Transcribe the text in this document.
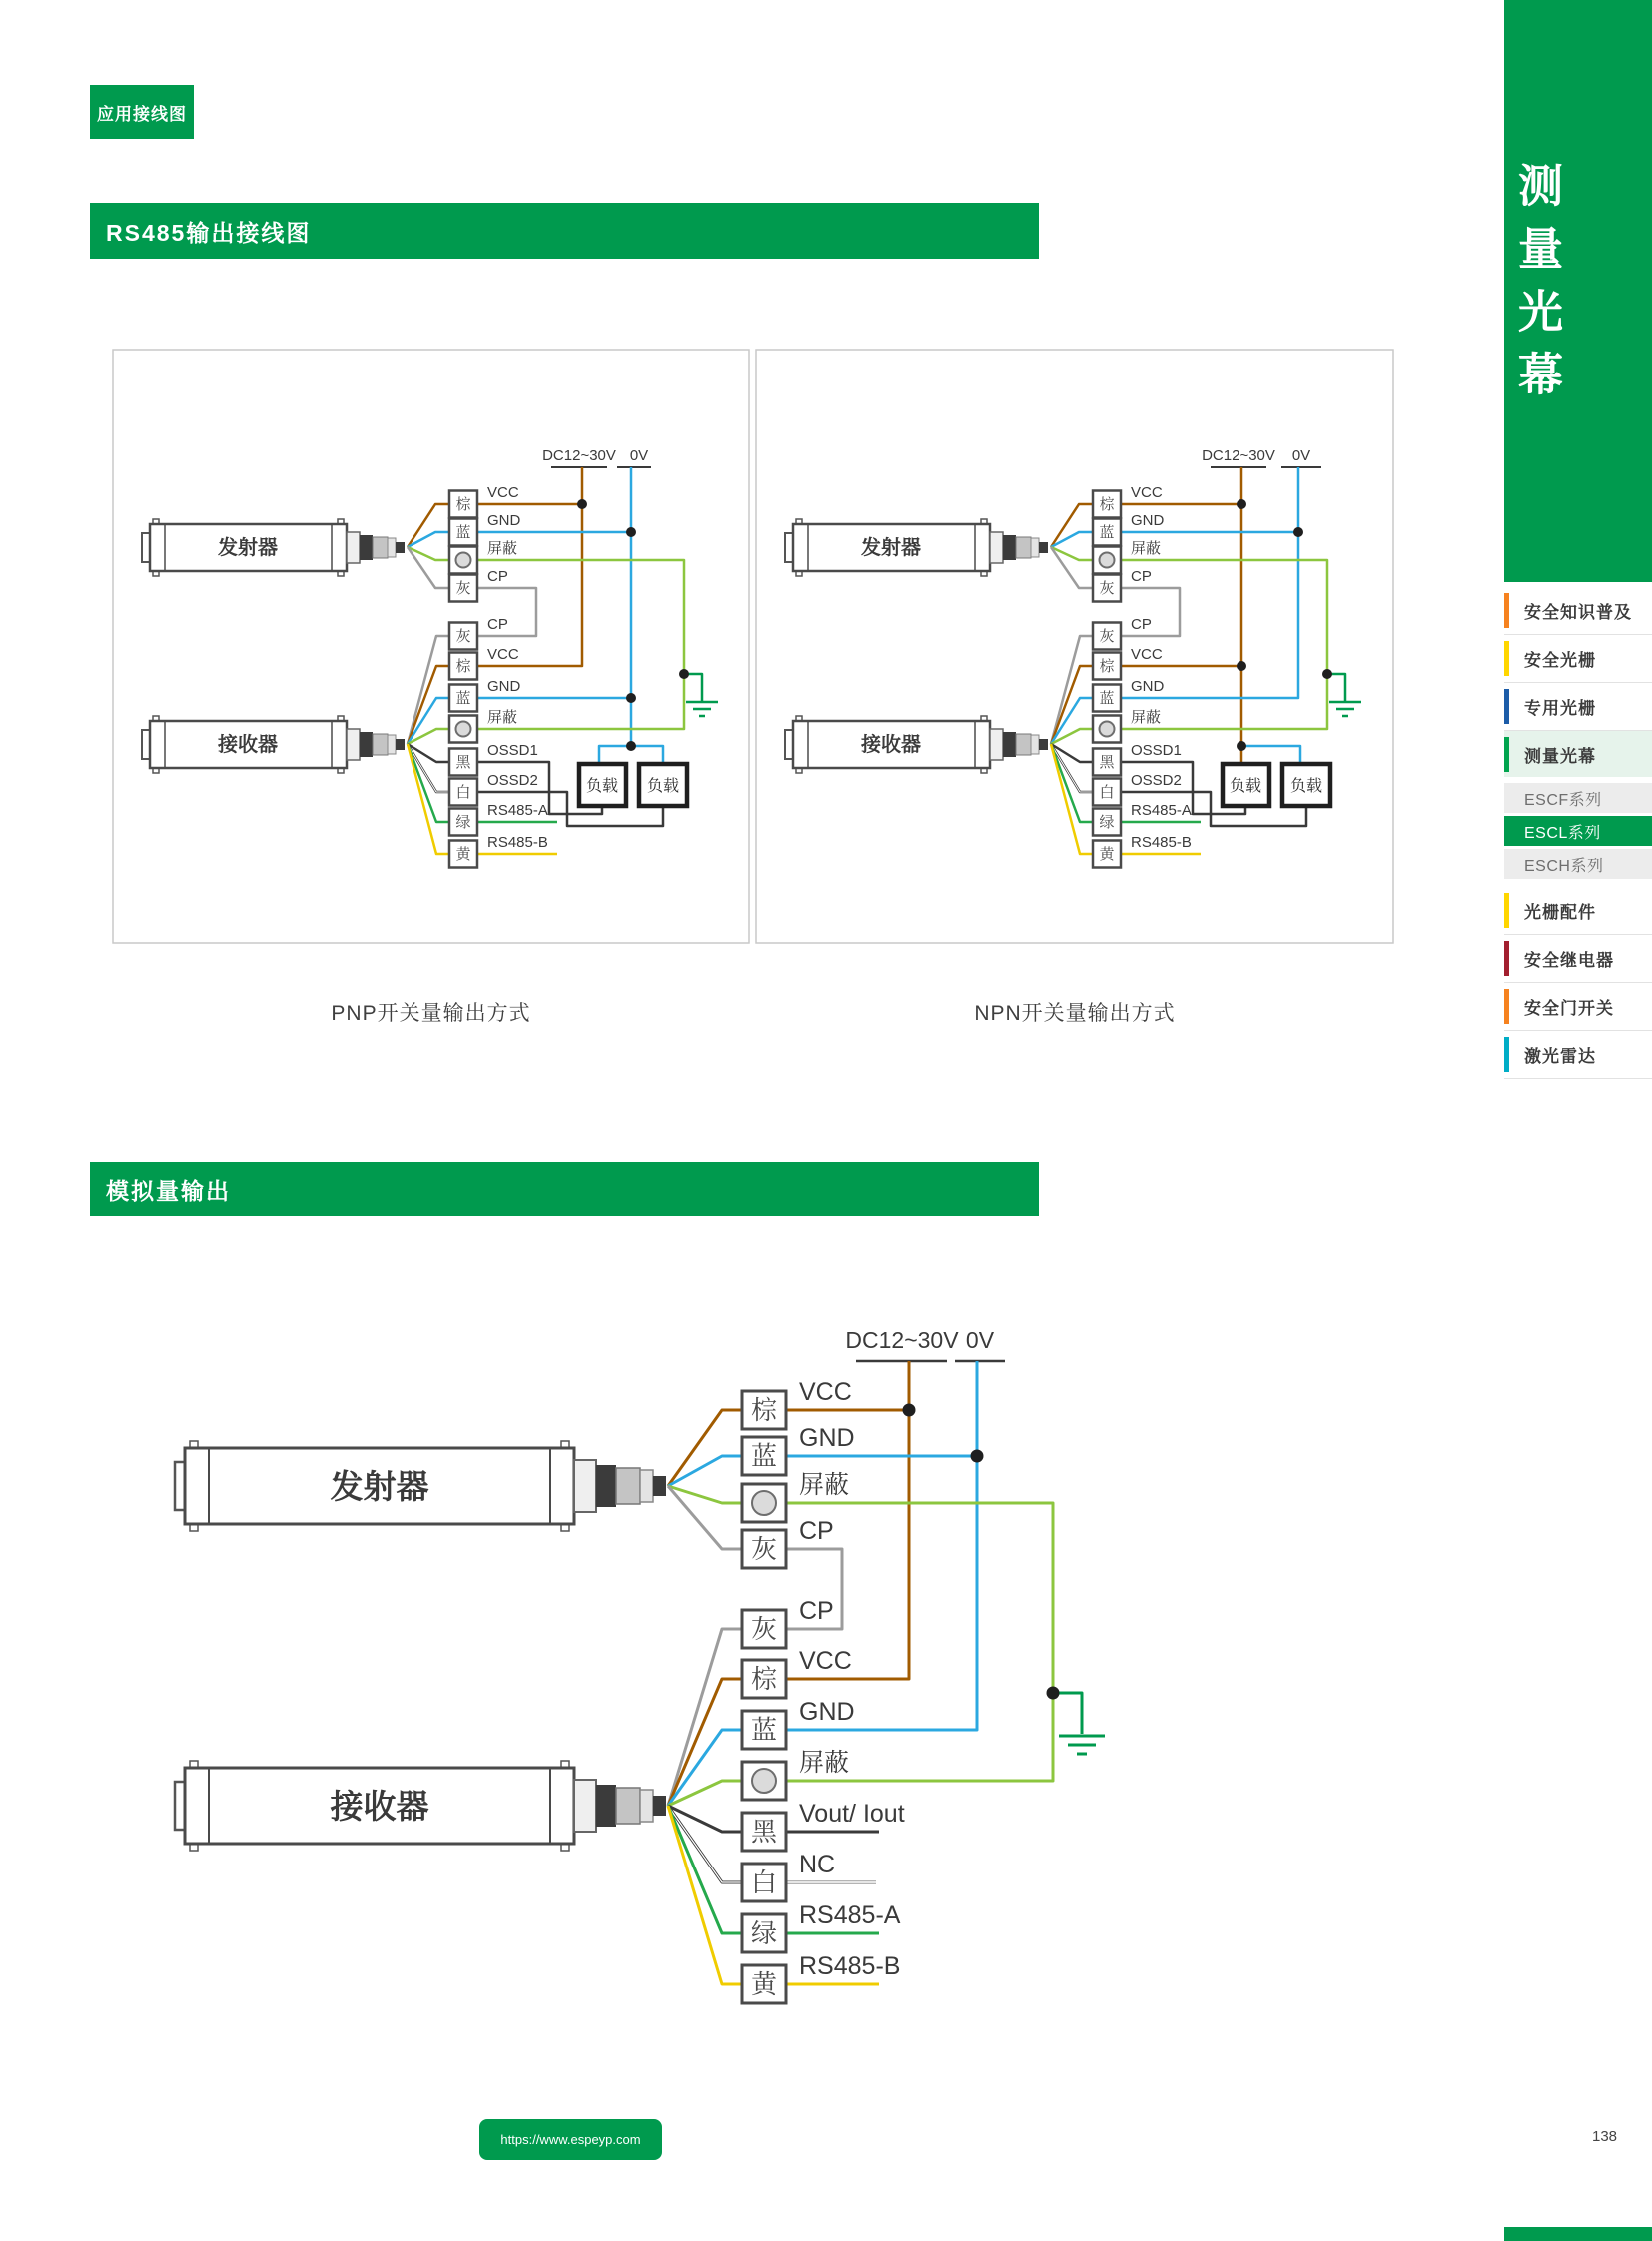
发射器
接收器
DC12~30V 0V
棕
蓝
灰
VCC
GND
屏蔽
CP
灰
棕
蓝
黑
白
绿
黄
CP
VCC
GND
屏蔽
OSSD1
OSSD2
RS485-A
RS485-B
负载 负载
发射器
接收器
DC12~30V 0V
棕
蓝
灰
VCC
GND
屏蔽
CP
灰
棕
蓝
黑
白
绿
黄
CP
VCC
GND
屏蔽
OSSD1
OSSD2
RS485-A
RS485-B
负载 负载
发射器
接收器
DC12~30V 0V
棕
蓝
灰
VCC
GND
屏蔽
CP
灰
棕
蓝
黑
白
绿
黄
CP
VCC
GND
屏蔽
Vout/ Iout
NC
RS485-A
RS485-B
应用接线图
RS485输出接线图
模拟量输出
PNP开关量输出方式	NPN开关量输出方式
测量光幕
安全知识普及
安全光栅
专用光栅
测量光幕
ESCF系列
ESCL系列
ESCH系列
光栅配件
安全继电器
安全门开关
激光雷达
https://www.espeyp.com	138
